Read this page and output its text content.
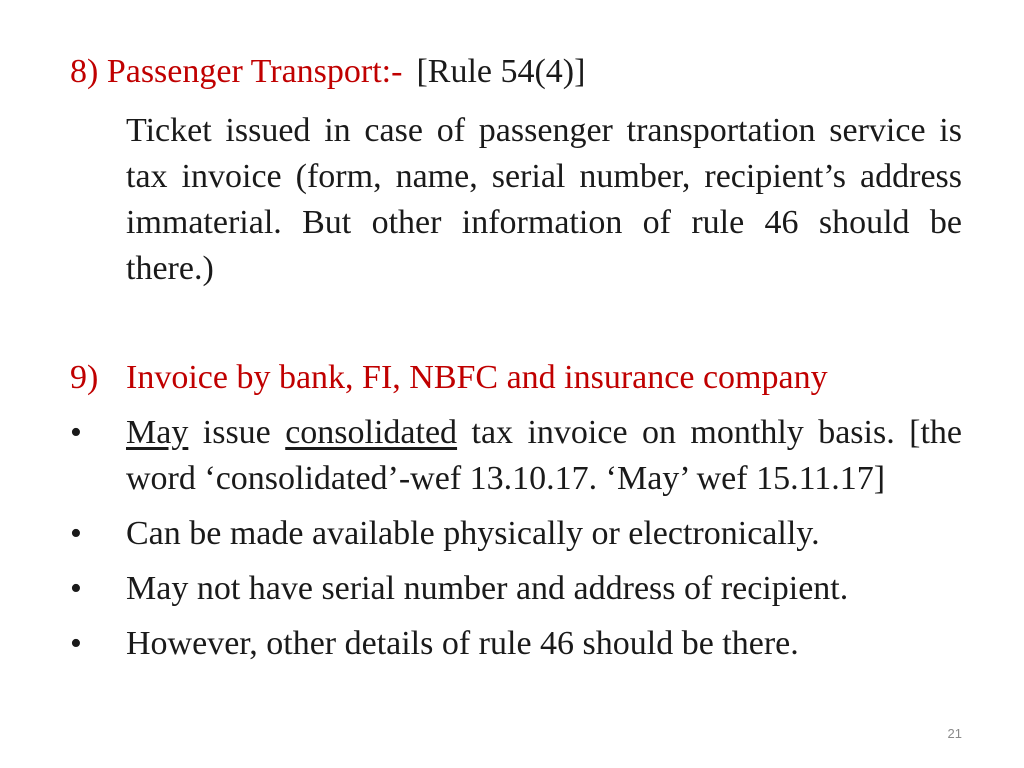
8) Passenger Transport:- [Rule 54(4)]
Ticket issued in case of passenger transportation service is tax invoice (form, name, serial number, recipient’s address immaterial. But other information of rule 46 should be there.)
9) Invoice by bank, FI, NBFC and insurance company
• May issue consolidated tax invoice on monthly basis. [the word ‘consolidated’-wef 13.10.17. ‘May’ wef 15.11.17]
• Can be made available physically or electronically.
• May not have serial number and address of recipient.
• However, other details of rule 46 should be there.
21
